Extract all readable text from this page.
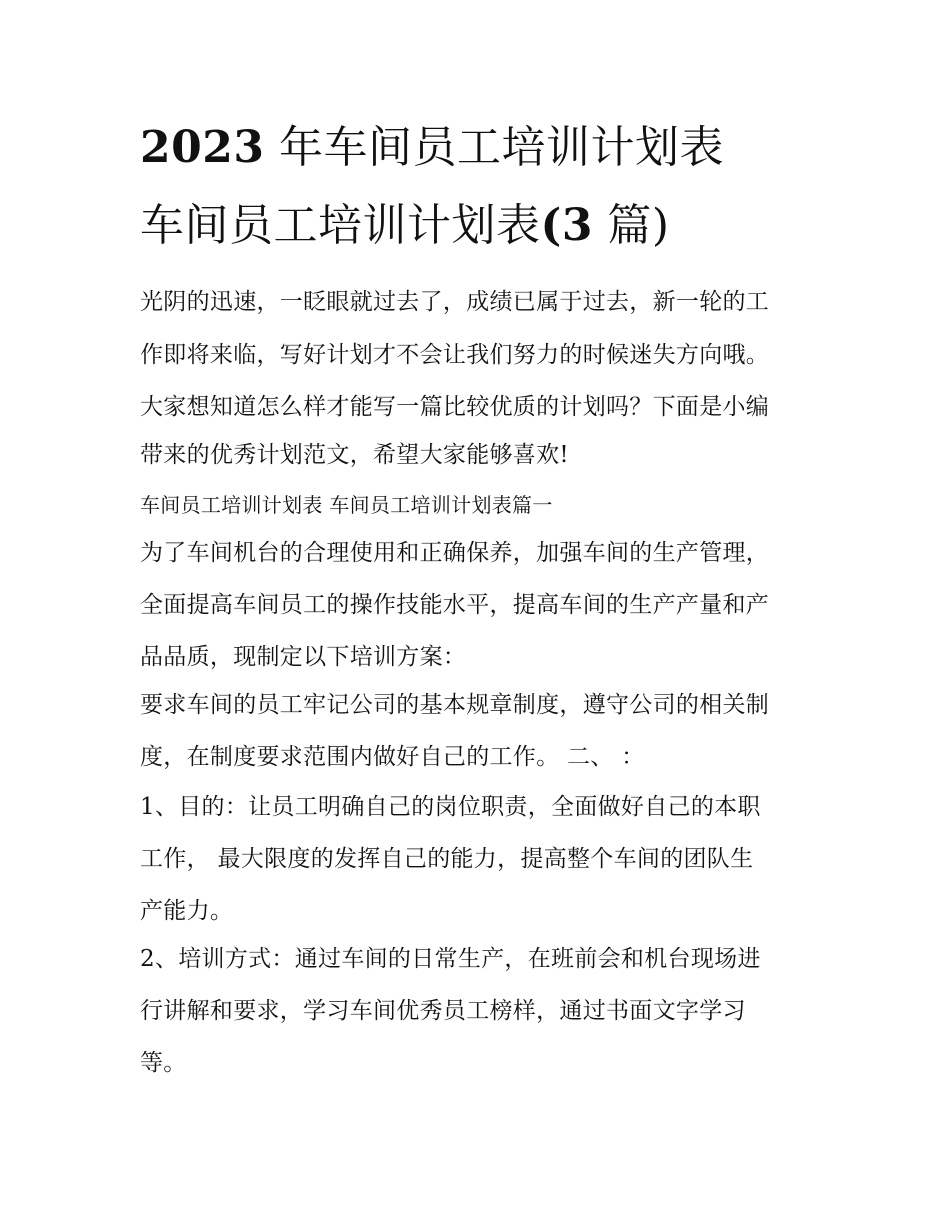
2023 年车间员工培训计划表
车间员工培训计划表(3 篇)

光阴的迅速，一眨眼就过去了，成绩已属于过去，新一轮的工

作即将来临，写好计划才不会让我们努力的时候迷失方向哦。

大家想知道怎么样才能写一篇比较优质的计划吗？下面是小编

带来的优秀计划范文，希望大家能够喜欢!

车间员工培训计划表 车间员工培训计划表篇一

为了车间机台的合理使用和正确保养，加强车间的生产管理，

全面提高车间员工的操作技能水平，提高车间的生产产量和产

品品质，现制定以下培训方案：

要求车间的员工牢记公司的基本规章制度，遵守公司的相关制

度，在制度要求范围内做好自己的工作。 二、 ：

1、目的：让员工明确自己的岗位职责，全面做好自己的本职

工作， 最大限度的发挥自己的能力，提高整个车间的团队生

产能力。

2、培训方式：通过车间的日常生产，在班前会和机台现场进

行讲解和要求，学习车间优秀员工榜样，通过书面文字学习

等。
